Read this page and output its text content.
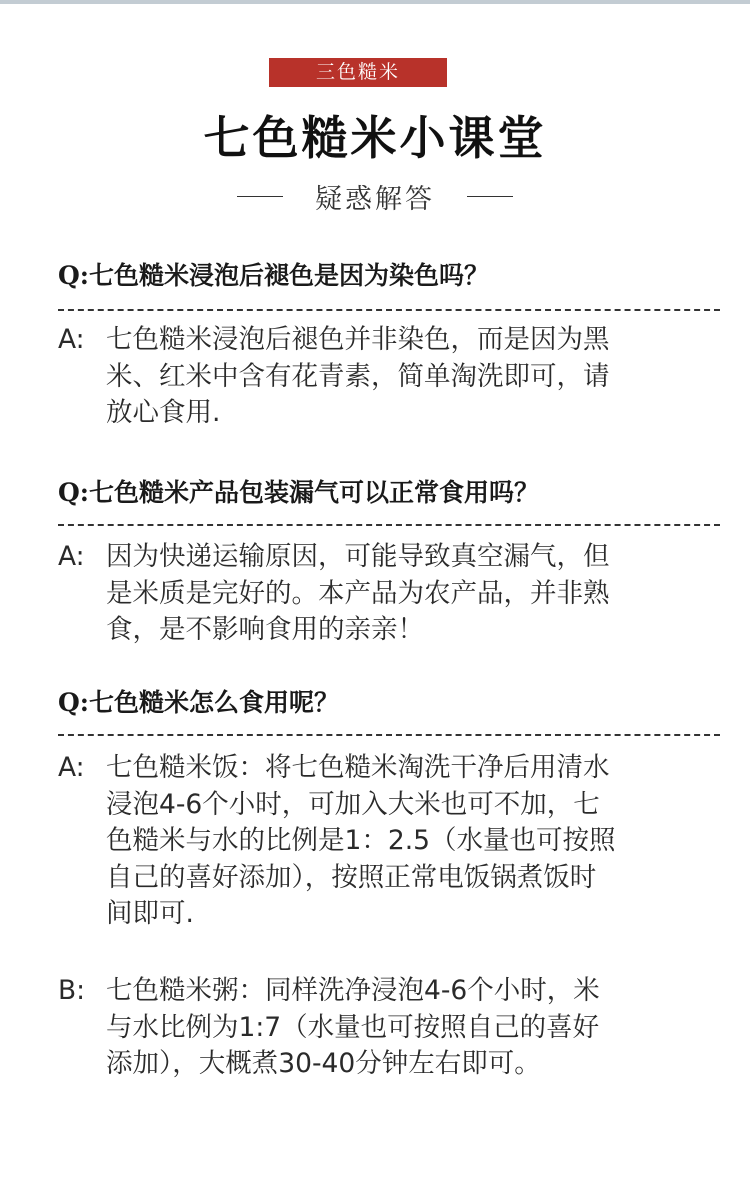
三色糙米
七色糙米小课堂
疑惑解答
Q:七色糙米浸泡后褪色是因为染色吗？
A: 七色糙米浸泡后褪色并非染色，而是因为黑
米、红米中含有花青素，简单淘洗即可，请
放心食用.
Q:七色糙米产品包装漏气可以正常食用吗？
A: 因为快递运输原因，可能导致真空漏气，但
是米质是完好的。本产品为农产品，并非熟
食，是不影响食用的亲亲！
Q:七色糙米怎么食用呢？
A: 七色糙米饭：将七色糙米淘洗干净后用清水
浸泡4-6个小时，可加入大米也可不加，七
色糙米与水的比例是1：2.5（水量也可按照
自己的喜好添加），按照正常电饭锅煮饭时
间即可.
B: 七色糙米粥：同样洗净浸泡4-6个小时，米
与水比例为1:7（水量也可按照自己的喜好
添加），大概煮30-40分钟左右即可。
